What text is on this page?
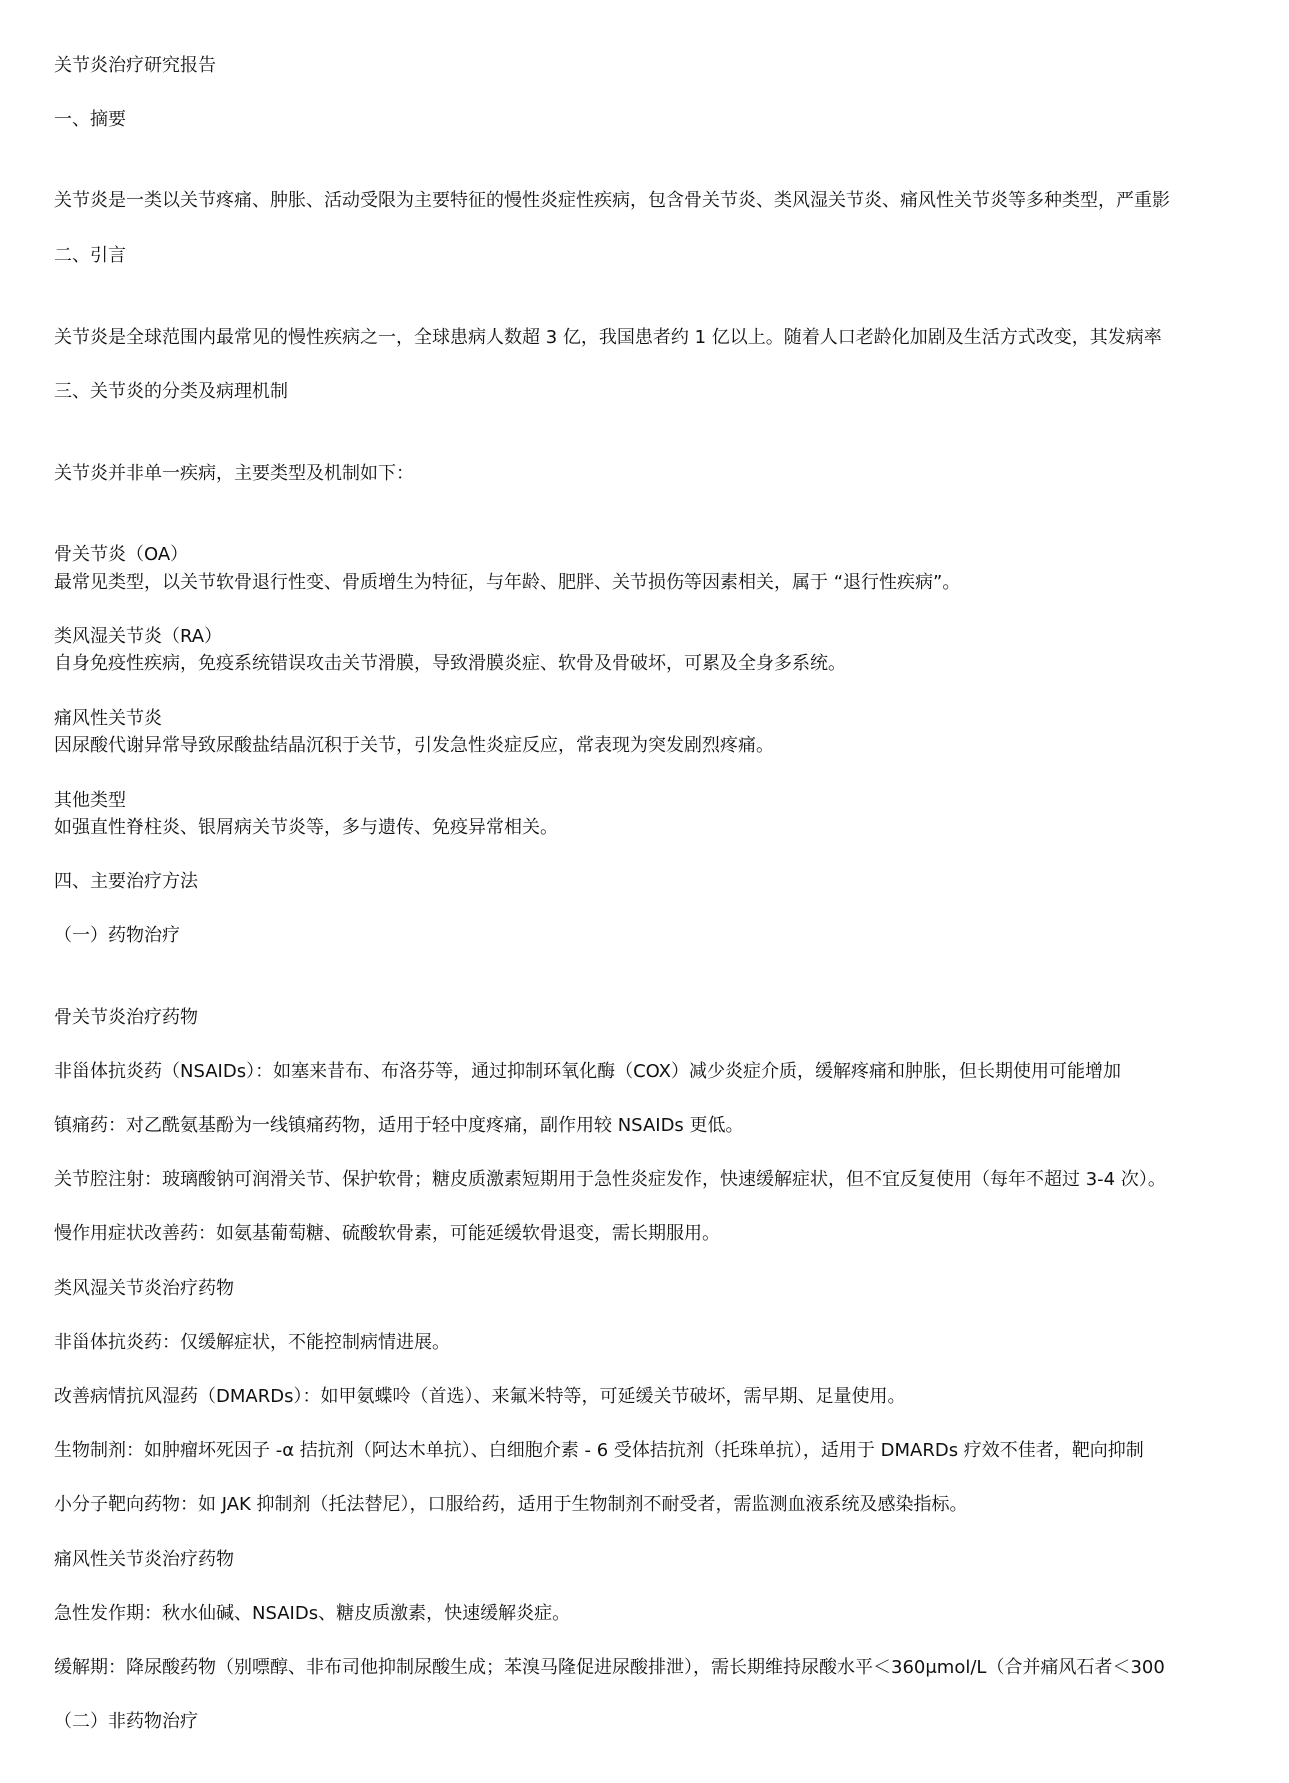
关节炎治疗研究报告
一、摘要
关节炎是一类以关节疼痛、肿胀、活动受限为主要特征的慢性炎症性疾病，包含骨关节炎、类风湿关节炎、痛风性关节炎等多种类型，严重影
二、引言
关节炎是全球范围内最常见的慢性疾病之一，全球患病人数超 3 亿，我国患者约 1 亿以上。随着人口老龄化加剧及生活方式改变，其发病率
三、关节炎的分类及病理机制
关节炎并非单一疾病，主要类型及机制如下：
骨关节炎（OA）
最常见类型，以关节软骨退行性变、骨质增生为特征，与年龄、肥胖、关节损伤等因素相关，属于 “退行性疾病”。
类风湿关节炎（RA）
自身免疫性疾病，免疫系统错误攻击关节滑膜，导致滑膜炎症、软骨及骨破坏，可累及全身多系统。
痛风性关节炎
因尿酸代谢异常导致尿酸盐结晶沉积于关节，引发急性炎症反应，常表现为突发剧烈疼痛。
其他类型
如强直性脊柱炎、银屑病关节炎等，多与遗传、免疫异常相关。
四、主要治疗方法
（一）药物治疗
骨关节炎治疗药物
非甾体抗炎药（NSAIDs）：如塞来昔布、布洛芬等，通过抑制环氧化酶（COX）减少炎症介质，缓解疼痛和肿胀，但长期使用可能增加
镇痛药：对乙酰氨基酚为一线镇痛药物，适用于轻中度疼痛，副作用较 NSAIDs 更低。
关节腔注射：玻璃酸钠可润滑关节、保护软骨；糖皮质激素短期用于急性炎症发作，快速缓解症状，但不宜反复使用（每年不超过 3-4 次）。
慢作用症状改善药：如氨基葡萄糖、硫酸软骨素，可能延缓软骨退变，需长期服用。
类风湿关节炎治疗药物
非甾体抗炎药：仅缓解症状，不能控制病情进展。
改善病情抗风湿药（DMARDs）：如甲氨蝶呤（首选）、来氟米特等，可延缓关节破坏，需早期、足量使用。
生物制剂：如肿瘤坏死因子 -α 拮抗剂（阿达木单抗）、白细胞介素 - 6 受体拮抗剂（托珠单抗），适用于 DMARDs 疗效不佳者，靶向抑制
小分子靶向药物：如 JAK 抑制剂（托法替尼），口服给药，适用于生物制剂不耐受者，需监测血液系统及感染指标。
痛风性关节炎治疗药物
急性发作期：秋水仙碱、NSAIDs、糖皮质激素，快速缓解炎症。
缓解期：降尿酸药物（别嘌醇、非布司他抑制尿酸生成；苯溴马隆促进尿酸排泄），需长期维持尿酸水平＜360μmol/L（合并痛风石者＜300
（二）非药物治疗
